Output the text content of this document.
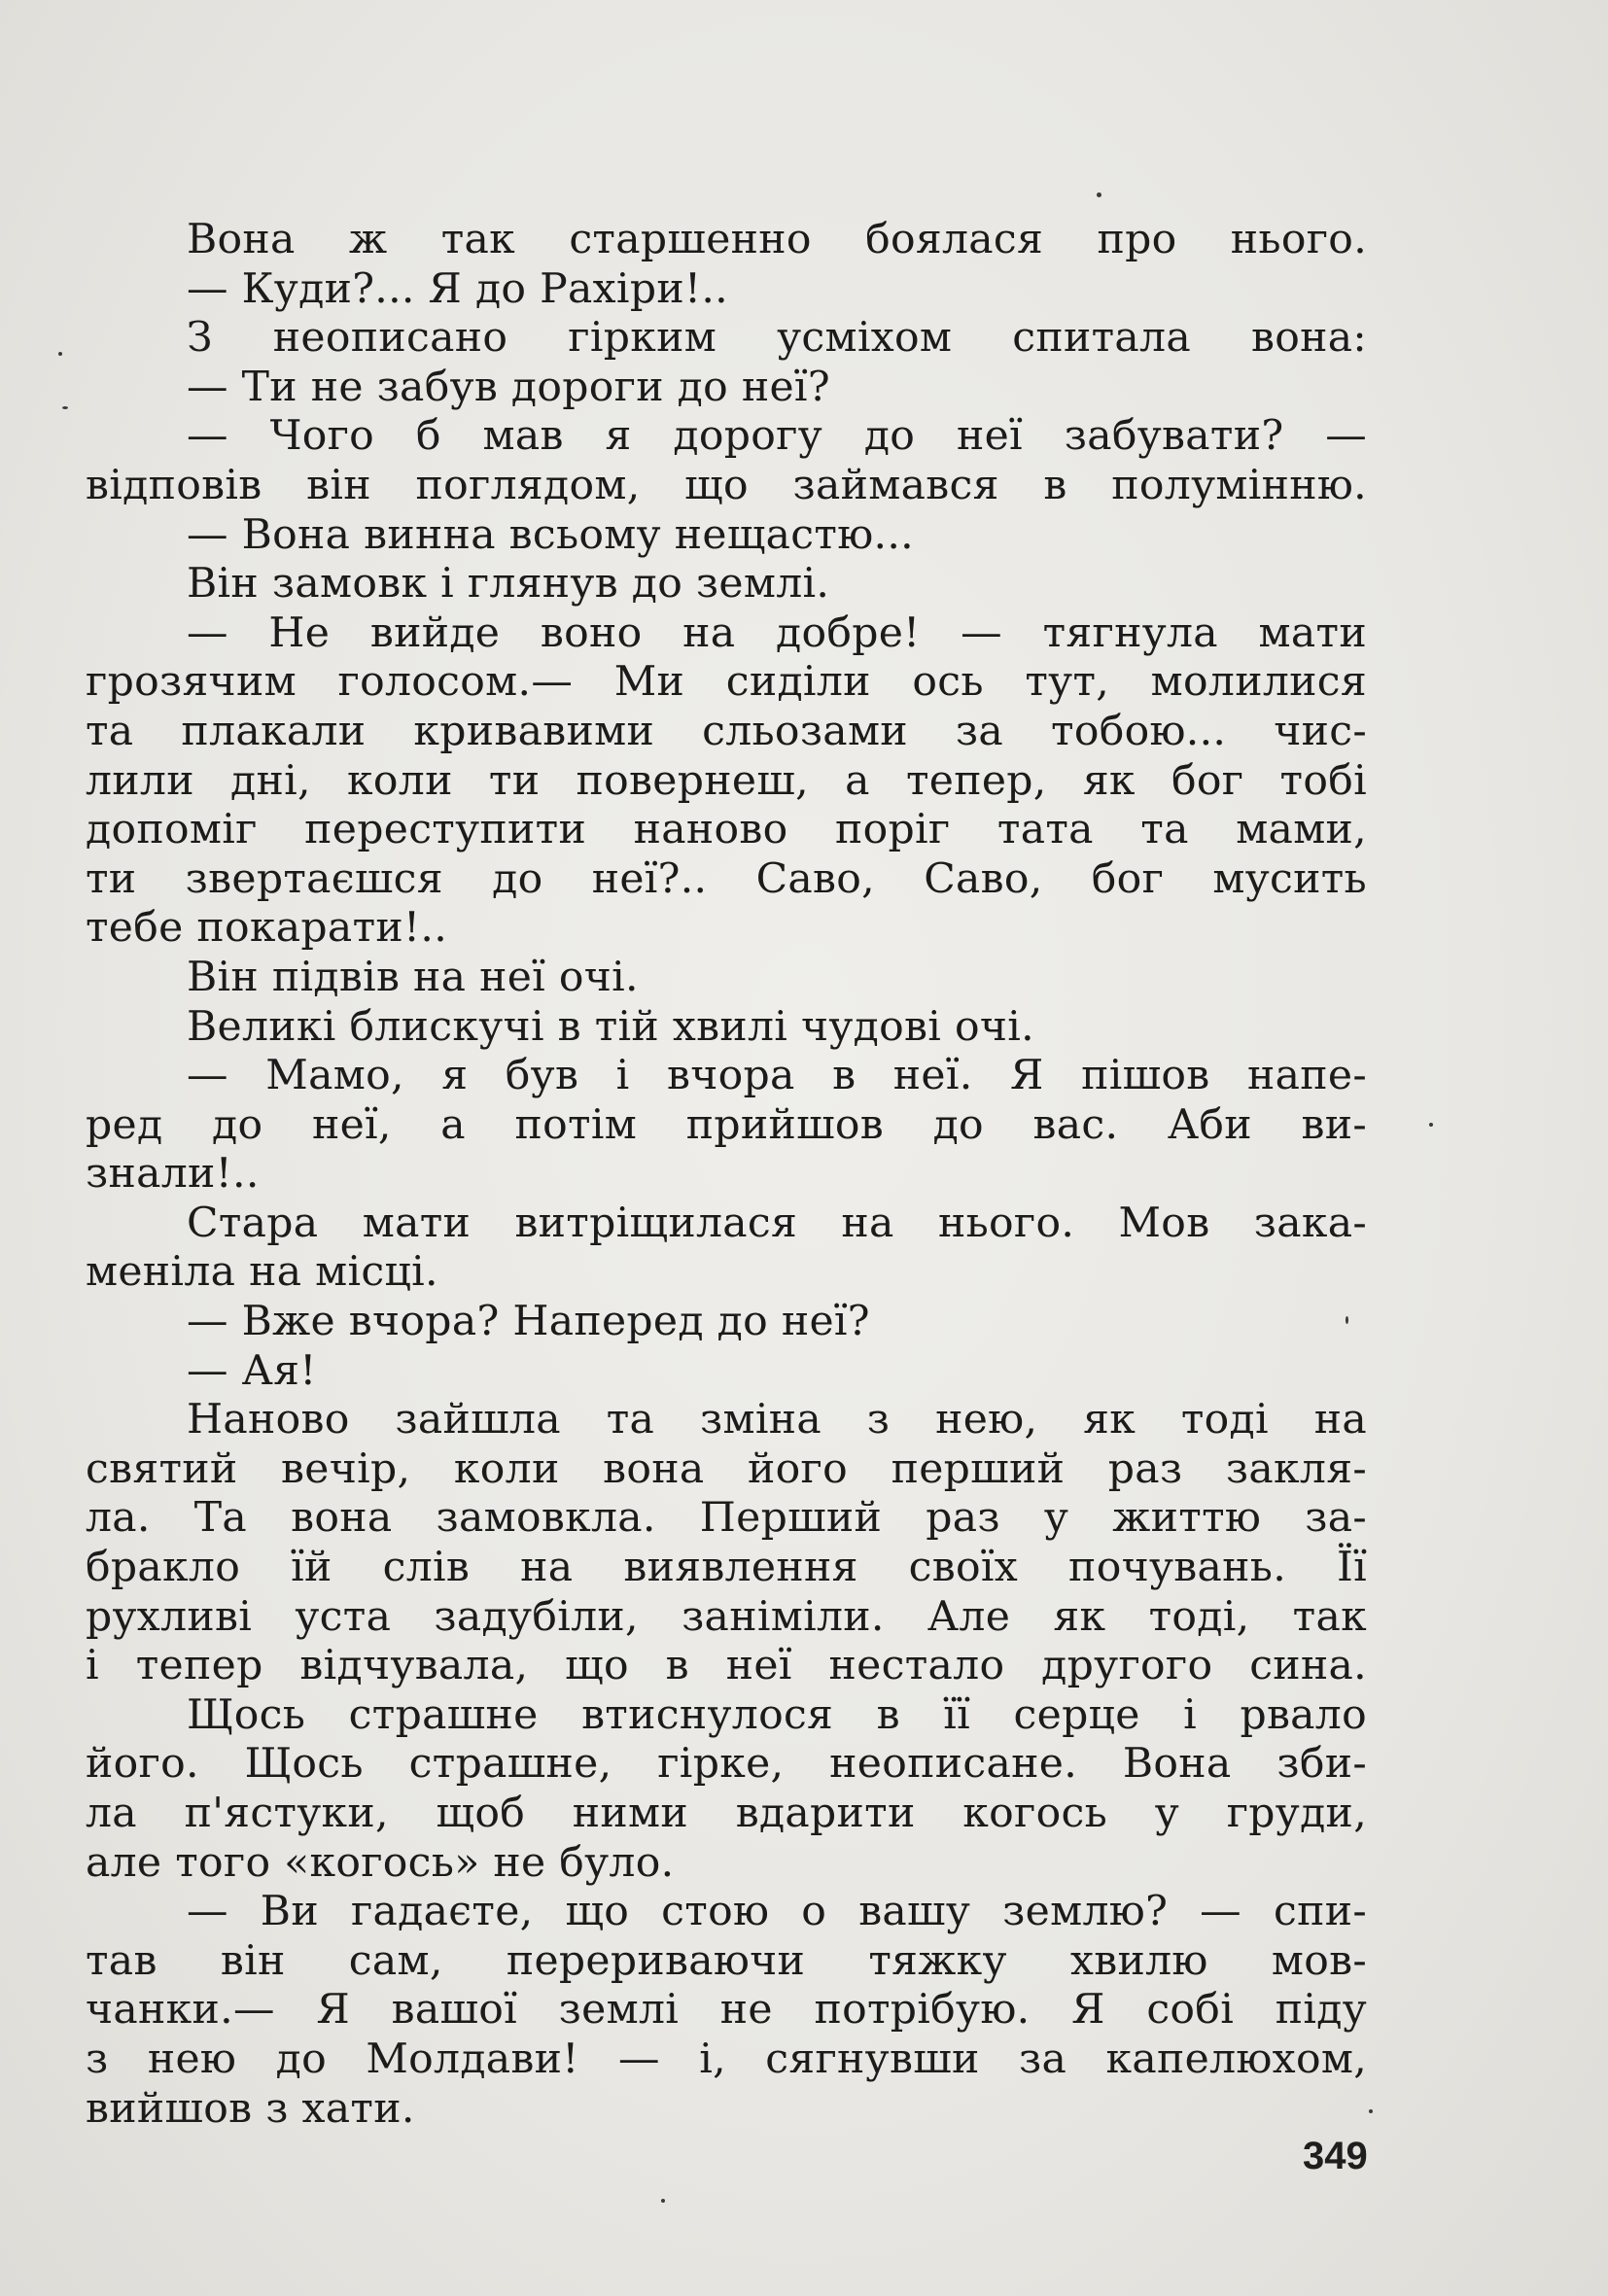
Вона ж так старшенно боялася про нього.
— Куди?... Я до Рахіри!..
З неописано гірким усміхом спитала вона:
— Ти не забув дороги до неї?
— Чого б мав я дорогу до неї забувати? —
відповів він поглядом, що займався в полумінню.
— Вона винна всьому нещастю...
Він замовк і глянув до землі.
— Не вийде воно на добре! — тягнула мати
грозячим голосом.— Ми сиділи ось тут, молилися
та плакали кривавими сльозами за тобою... чис-
лили дні, коли ти повернеш, а тепер, як бог тобі
допоміг переступити наново поріг тата та мами,
ти звертаєшся до неї?.. Саво, Саво, бог мусить
тебе покарати!..
Він підвів на неї очі.
Великі блискучі в тій хвилі чудові очі.
— Мамо, я був і вчора в неї. Я пішов напе-
ред до неї, а потім прийшов до вас. Аби ви-
знали!..
Стара мати витріщилася на нього. Мов зака-
меніла на місці.
— Вже вчора? Наперед до неї?
— Ая!
Наново зайшла та зміна з нею, як тоді на
святий вечір, коли вона його перший раз закля-
ла. Та вона замовкла. Перший раз у життю за-
бракло їй слів на виявлення своїх почувань. Її
рухливі уста задубіли, заніміли. Але як тоді, так
і тепер відчувала, що в неї нестало другого сина.
Щось страшне втиснулося в її серце і рвало
його. Щось страшне, гірке, неописане. Вона зби-
ла п'ястуки, щоб ними вдарити когось у груди,
але того «когось» не було.
— Ви гадаєте, що стою о вашу землю? — спи-
тав він сам, перериваючи тяжку хвилю мов-
чанки.— Я вашої землі не потрібую. Я собі піду
з нею до Молдави! — і, сягнувши за капелюхом,
вийшов з хати.
349
